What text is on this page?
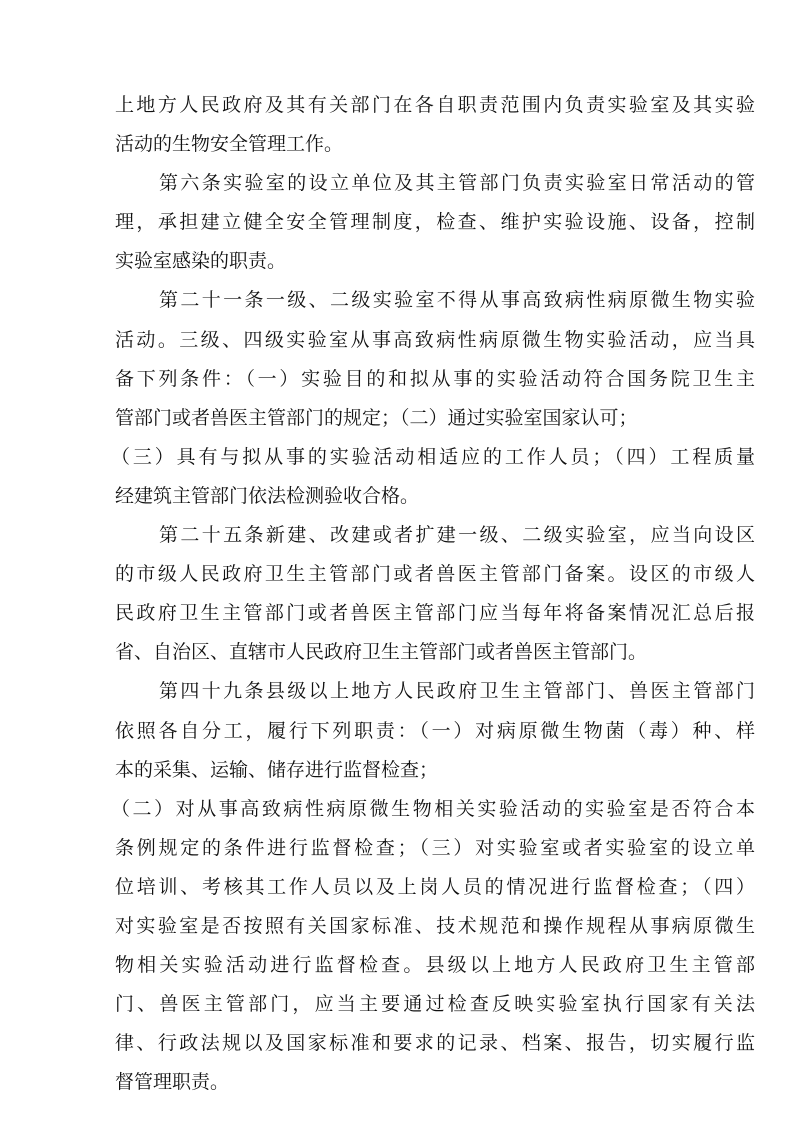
上地方人民政府及其有关部门在各自职责范围内负责实验室及其实验
活动的生物安全管理工作。
第六条实验室的设立单位及其主管部门负责实验室日常活动的管
理，承担建立健全安全管理制度，检查、维护实验设施、设备，控制
实验室感染的职责。
第二十一条一级、二级实验室不得从事高致病性病原微生物实验
活动。三级、四级实验室从事高致病性病原微生物实验活动，应当具
备下列条件：（一）实验目的和拟从事的实验活动符合国务院卫生主
管部门或者兽医主管部门的规定；（二）通过实验室国家认可；
（三）具有与拟从事的实验活动相适应的工作人员；（四）工程质量
经建筑主管部门依法检测验收合格。
第二十五条新建、改建或者扩建一级、二级实验室，应当向设区
的市级人民政府卫生主管部门或者兽医主管部门备案。设区的市级人
民政府卫生主管部门或者兽医主管部门应当每年将备案情况汇总后报
省、自治区、直辖市人民政府卫生主管部门或者兽医主管部门。
第四十九条县级以上地方人民政府卫生主管部门、兽医主管部门
依照各自分工，履行下列职责：（一）对病原微生物菌（毒）种、样
本的采集、运输、储存进行监督检查；
（二）对从事高致病性病原微生物相关实验活动的实验室是否符合本
条例规定的条件进行监督检查；（三）对实验室或者实验室的设立单
位培训、考核其工作人员以及上岗人员的情况进行监督检查；（四）
对实验室是否按照有关国家标准、技术规范和操作规程从事病原微生
物相关实验活动进行监督检查。县级以上地方人民政府卫生主管部
门、兽医主管部门，应当主要通过检查反映实验室执行国家有关法
律、行政法规以及国家标准和要求的记录、档案、报告，切实履行监
督管理职责。
